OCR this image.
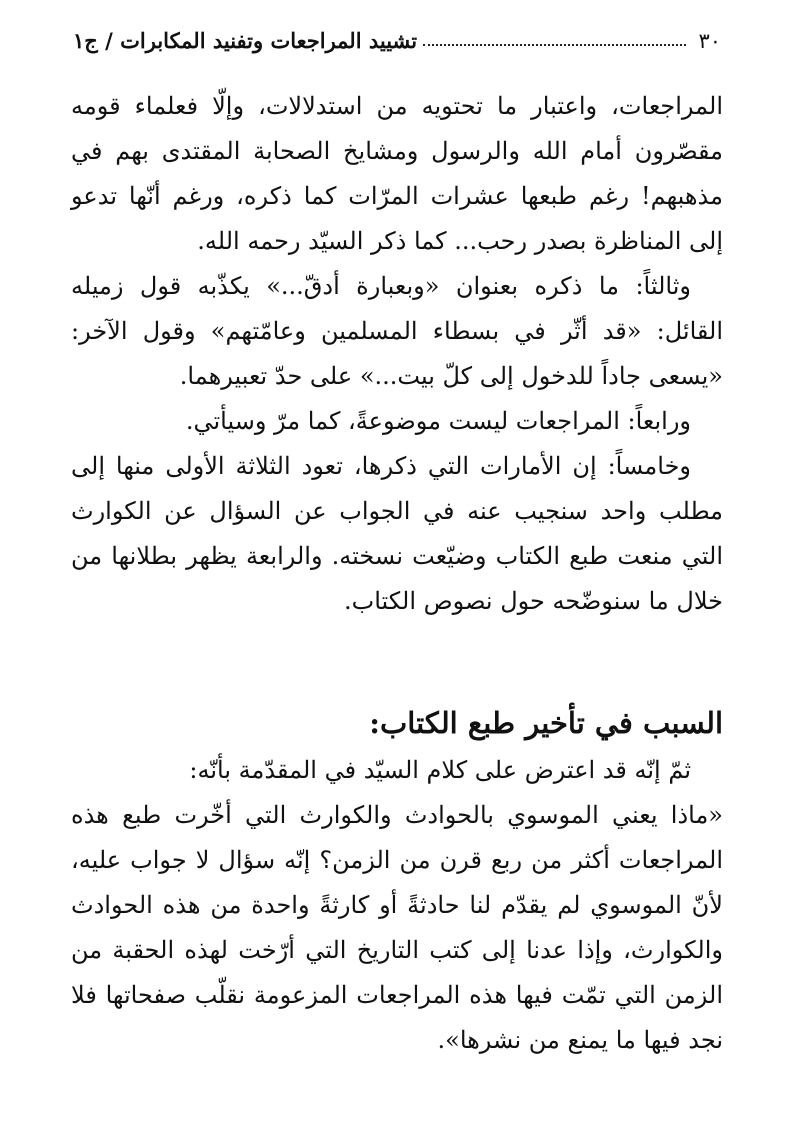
٣٠
تشييد المراجعات وتفنيد المكابرات / ج١

المراجعات، واعتبار ما تحتويه من استدلالات، وإلّا فعلماء قومه مقصّرون أمام الله والرسول ومشايخ الصحابة المقتدى بهم في مذهبهم! رغم طبعها عشرات المرّات كما ذكره، ورغم أنّها تدعو إلى المناظرة بصدر رحب... كما ذكر السيّد رحمه الله.

وثالثاً: ما ذكره بعنوان «وبعبارة أدقّ...» يكذّبه قول زميله القائل: «قد أثّر في بسطاء المسلمين وعامّتهم» وقول الآخر: «يسعى جاداً للدخول إلى كلّ بيت...» على حدّ تعبيرهما.

ورابعاً: المراجعات ليست موضوعةً، كما مرّ وسيأتي.

وخامساً: إن الأمارات التي ذكرها، تعود الثلاثة الأولى منها إلى مطلب واحد سنجيب عنه في الجواب عن السؤال عن الكوارث التي منعت طبع الكتاب وضيّعت نسخته. والرابعة يظهر بطلانها من خلال ما سنوضّحه حول نصوص الكتاب.

السبب في تأخير طبع الكتاب:

ثمّ إنّه قد اعترض على كلام السيّد في المقدّمة بأنّه:

«ماذا يعني الموسوي بالحوادث والكوارث التي أخّرت طبع هذه المراجعات أكثر من ربع قرن من الزمن؟ إنّه سؤال لا جواب عليه، لأنّ الموسوي لم يقدّم لنا حادثةً أو كارثةً واحدة من هذه الحوادث والكوارث، وإذا عدنا إلى كتب التاريخ التي أرّخت لهذه الحقبة من الزمن التي تمّت فيها هذه المراجعات المزعومة نقلّب صفحاتها فلا نجد فيها ما يمنع من نشرها».
